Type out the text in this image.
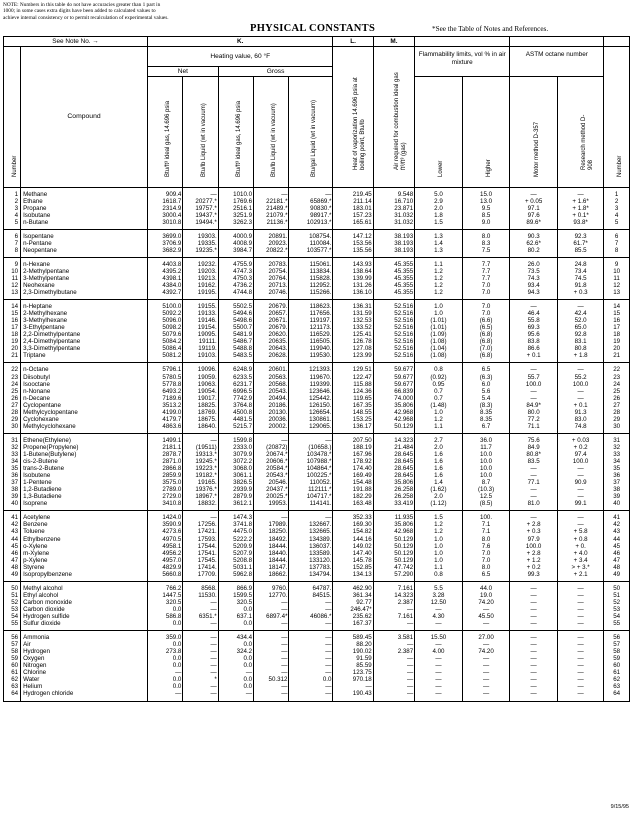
NOTE: Numbers in this table do not have accuracies greater than 1 part in 1000; in some cases extra digits have been added to calculated values to achieve internal consistency or to permit recalculation of experimental values.
PHYSICAL CONSTANTS	*See the Table of Notes and References.
See Note No. →		K.					L.	M.					

Number	Compound	Heating value, 60 °F					Heat of vaporization 14.696 psia at boiling point, Btu/lb	Air required for combustion ideal gas ft³/ft³ (gas)	Flammability limits, vol % in air mixture		ASTM octane number		Number

		Net		Gross									

		Btu/ft³ ideal gas, 14.696 psia	Btu/lb Liquid (wt in vacuum)	Btu/ft³ ideal gas, 14.696 psia	Btu/lb Liquid (wt in vacuum)	Btu/gal Liquid (wt in vacuum)			Lower	Higher	Motor method D-357	Research method D-908	

1	Methane	909.4	—	1010.0	—	—	219.45	9.548	5.0	15.0	—	—	1
2	Ethane	1618.7	20277.*	1769.6	22181.*	65869.*	211.14	16.710	2.9	13.0	+ 0.05	+ 1.6*	2
3	Propane	2314.9	19757.*	2516.1	21489.*	90830.*	183.01	23.871	2.0	9.5	97.1	+ 1.8*	3
4	Isobutane	3000.4	19437.*	3251.9	21079.*	98917.*	157.23	31.032	1.8	8.5	97.6	+ 0.1*	4
5	n-Butane	3010.8	19494.*	3262.3	21136.*	102913.*	165.61	31.032	1.5	9.0	89.6*	93.8*	5
6	Isopentane	3699.0	19303.	4000.9	20891.	108754.	147.12	38.193	1.3	8.0	90.3	92.3	6
7	n-Pentane	3706.9	19335.	4008.9	20923.	110084.	153.56	38.193	1.4	8.3	62.6*	61.7*	7
8	Neopentane	3682.9	19235.*	3984.7	20822.*	103577.*	135.56	38.193	1.3	7.5	80.2	85.5	8
9	n-Hexane	4403.8	19232.	4755.9	20783.	115061.	143.93	45.355	1.1	7.7	26.0	24.8	9
10	2-Methylpentane	4395.2	19203.	4747.3	20754.	113834.	138.64	45.355	1.2	7.7	73.5	73.4	10
11	3-Methylpentane	4398.1	19213.	4750.3	20764.	115828.	139.99	45.355	1.2	7.7	74.3	74.5	11
12	Neohexane	4384.0	19162.	4736.2	20713.	112952.	131.26	45.355	1.2	7.0	93.4	91.8	12
13	2,3-Dimethylbutane	4392.7	19195.	4744.8	20746.	115266.	136.10	45.355	1.2	7.0	94.3	+ 0.3	13
14	n-Heptane	5100.0	19155.	5502.5	20679.	118623.	136.31	52.516	1.0	7.0	—	—	14
15	2-Methylhexane	5092.2	19133.	5494.6	20657.	117656.	131.59	52.516	1.0	7.0	46.4	42.4	15
16	3-Methylhexane	5096.0	19146.	5498.6	20671.	119197.	132.53	52.516	(1.01)	(6.6)	55.8	52.0	16
17	3-Ethylpentane	5098.2	19154.	5500.7	20679.	121173.	133.52	52.516	(1.01)	(6.5)	69.3	65.0	17
18	2,2-Dimethylpentane	5079.6	19095.	5481.9	20620.	116529.	125.41	52.516	(1.09)	(6.8)	95.6	92.8	18
19	2,4-Dimethylpentane	5084.2	19111.	5486.7	20635.	116505.	126.78	52.516	(1.08)	(6.8)	83.8	83.1	19
20	3,3-Dimethylpentane	5086.4	19119.	5488.8	20643.	119940.	127.08	52.516	(1.04)	(7.0)	86.6	80.8	20
21	Triptane	5081.2	19103.	5483.5	20628.	119530.	123.99	52.516	(1.08)	(6.8)	+ 0.1	+ 1.8	21
22	n-Octane	5796.1	19096.	6248.9	20601.	121393.	129.51	59.677	0.8	6.5	—	—	22
23	Diisobutyl	5780.5	19059.	6233.5	20563.	119670.	122.47	59.677	(0.92)	(6.3)	55.7	55.2	23
24	Isooctane	5778.8	19063.	6231.7	20568.	119399.	115.88	59.677	0.95	6.0	100.0	100.0	24
25	n-Nonane	6493.2	19054.	6996.5	20543.	123646.	124.36	66.839	0.7	5.6	—	—	25
26	n-Decane	7189.6	19017.	7742.9	20494.	125442.	119.65	74.000	0.7	5.4	—	—	26
27	Cyclopentane	3513.2	18825.	3764.8	20186.	126150.	167.35	35.806	(1.48)	(8.3)	84.9*	+ 0.1	27
28	Methylcyclopentane	4199.0	18769.	4500.8	20130.	126654.	148.55	42.968	1.0	8.35	80.0	91.3	28
29	Cyclohexane	4179.7	18675.	4481.5	20036.	130861.	153.25	42.968	1.2	8.35	77.2	83.0	29
30	Methylcyclohexane	4863.6	18640.	5215.7	20002.	129065.	136.17	50.129	1.1	6.7	71.1	74.8	30
31	Ethene(Ethylene)	1499.1	—	1599.8	—	—	207.50	14.323	2.7	36.0	75.6	+ 0.03	31
32	Propene(Propylene)	2181.1	(19511)	2333.0	(20872)	(10658.)	188.19	21.484	2.0	11.7	84.9	+ 0.2	32
33	1-Butene(Butylene)	2878.7	19313.*	3079.9	20674.*	103478.*	167.96	28.645	1.6	10.0	80.8*	97.4	33
34	cis-2-Butene	2871.0	19245.*	3072.2	20606.*	107988.*	178.92	28.645	1.6	10.0	83.5	100.0	34
35	trans-2-Butene	2866.8	19223.*	3068.0	20584.*	104864.*	174.40	28.645	1.6	10.0	—	—	35
36	Isobutene	2859.9	19182.*	3061.1	20543.*	100225.*	169.49	28.645	1.6	10.0	—	—	36
37	1-Pentene	3575.0	19165.	3826.5	20546.	110052.	154.48	35.806	1.4	8.7	77.1	90.9	37
38	1,2-Butadiene	2789.0	19376.*	2939.9	20437.*	112111.*	191.88	26.258	(1.62)	(10.3)	—	—	38
39	1,3-Butadiene	2729.0	18967.*	2879.9	20025.*	104717.*	182.29	26.258	2.0	12.5	—	—	39
40	Isoprene	3410.8	18832.	3612.1	19953.	114141.	163.48	33.419	(1.12)	(8.5)	81.0	99.1	40
41	Acetylene	1424.0	—	1474.3	—	—	352.33	11.935	1.5	100.	—	—	41
42	Benzene	3590.9	17256.	3741.8	17989.	132667.	169.30	35.806	1.2	7.1	+ 2.8	—	42
43	Toluene	4273.6	17421.	4475.0	18250.	132665.	154.82	42.968	1.2	7.1	+ 0.3	+ 5.8	43
44	Ethylbenzene	4970.5	17593.	5222.2	18492.	134389.	144.16	50.129	1.0	8.0	97.9	+ 0.8	44
45	o-Xylene	4958.1	17544.	5209.9	18444.	136037.	149.02	50.129	1.0	7.6	100.0	+ 0.	45
46	m-Xylene	4956.2	17541.	5207.9	18440.	133589.	147.40	50.129	1.0	7.0	+ 2.8	+ 4.0	46
47	p-Xylene	4957.0	17545.	5208.8	18444.	133120.	145.78	50.129	1.0	7.0	+ 1.2	+ 3.4	47
48	Styrene	4829.9	17414.	5031.1	18147.	137783.	152.85	47.742	1.1	8.0	+ 0.2	> + 3.*	48
49	Isopropylbenzene	5660.8	17709.	5962.8	18662.	134794.	134.13	57.290	0.8	6.5	99.3	+ 2.1	49
50	Methyl alcohol	766.2	8568.	866.9	9760.	64787.	462.90	7.161	5.5	44.0	—	—	50
51	Ethyl alcohol	1447.5	11530.	1599.5	12770.	84515.	361.34	14.323	3.28	19.0	—	—	51
52	Carbon monoxide	320.5	—	320.5	—	—	92.77	2.387	12.50	74.20	—	—	52
53	Carbon dioxide	0.0	—	0.0	—	—	246.47*	—	—	—	—	—	53
54	Hydrogen sulfide	586.8	6351.*	637.1	6897.4*	46086.*	235.62	7.161	4.30	45.50	—	—	54
55	Sulfur dioxide	0.0	—	0.0	—	—	167.37	—	—	—	—	—	55
56	Ammonia	359.0	—	434.4	—	—	589.45	3.581	15.50	27.00	—	—	56
57	Air	0.0	—	0.0	—	—	88.20	—	—	—	—	—	57
58	Hydrogen	273.8	—	324.2	—	—	190.02	2.387	4.00	74.20	—	—	58
59	Oxygen	0.0	—	0.0	—	—	91.59	—	—	—	—	—	59
60	Nitrogen	0.0	—	0.0	—	—	85.59	—	—	—	—	—	60
61	Chlorine	—	—	—	—	—	123.75	—	—	—	—	—	61
62	Water	0.0	*	0.0	50.312	0.0	970.18	—	—	—	—	—	62
63	Helium	0.0	—	0.0	—	—	—	—	—	—	—	—	63
64	Hydrogen chloride	—	—	—	—	—	190.43	—	—	—	—	—	64
9/15/95
